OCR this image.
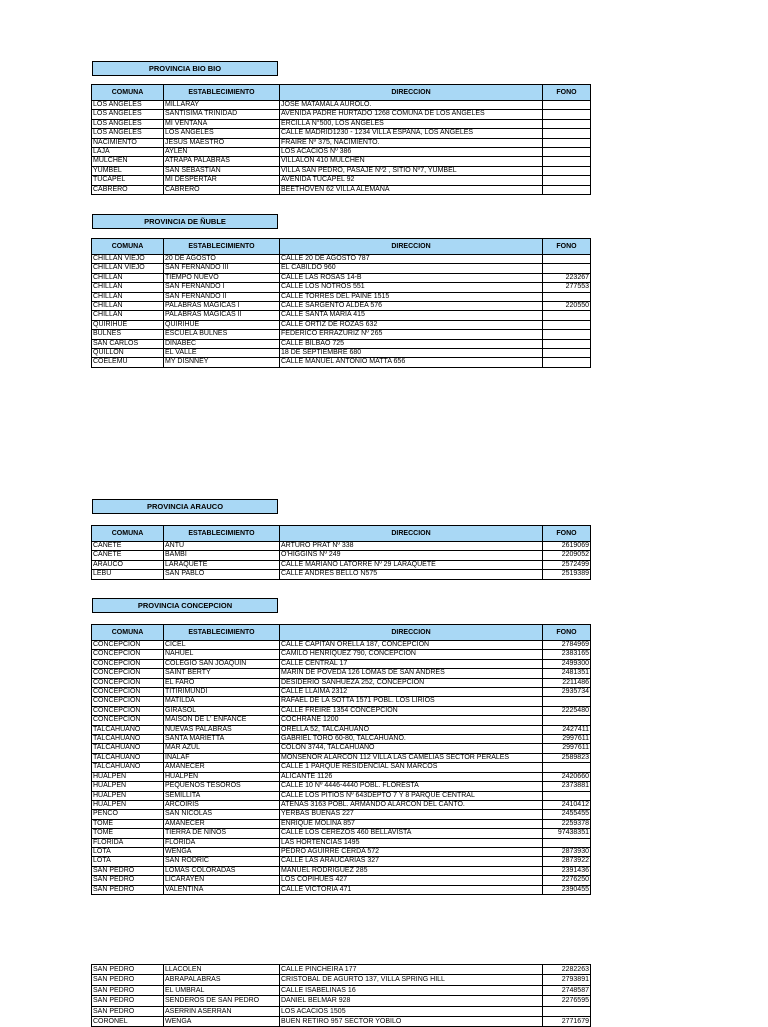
PROVINCIA BIO BIO
COMUNA	ESTABLECIMIENTO	DIRECCION	FONO
LOS ANGELES	MILLARAY	JOSE MATAMALA AUROLO.	
LOS ANGELES	SANTISIMA TRINIDAD	AVENIDA PADRE HURTADO 1268 COMUNA DE LOS ANGELES	
LOS ANGELES	MI VENTANA	ERCILLA N°500, LOS ANGELES	
LOS ANGELES	LOS ANGELES	CALLE MADRID1230 - 1234 VILLA ESPAÑA, LOS ANGELES	
NACIMIENTO	JESUS MAESTRO	FRAIRE Nº 375, NACIMIENTO.	
LAJA	AYLEN	LOS ACACIOS Nº 386	
MULCHEN	ATRAPA PALABRAS	VILLALON 410 MULCHEN	
YUMBEL	SAN SEBASTIAN	VILLA SAN PEDRO, PASAJE Nº2 , SITIO Nº7, YUMBEL	
TUCAPEL	MI DESPERTAR	AVENIDA TUCAPEL 92	
CABRERO	CABRERO	BEETHOVEN 62 VILLA ALEMANA	
PROVINCIA DE ÑUBLE
COMUNA	ESTABLECIMIENTO	DIRECCION	FONO
CHILLAN VIEJO	20 DE AGOSTO	CALLE 20 DE AGOSTO 787	
CHILLAN VIEJO	SAN FERNANDO III	EL CABILDO 960	
CHILLAN	TIEMPO NUEVO	CALLE LAS ROSAS 14-B	223267
CHILLAN	SAN FERNANDO I	CALLE LOS NOTROS 551	277553
CHILLAN	SAN FERNANDO II	CALLE TORRES DEL PAINE 1515	
CHILLAN	PALABRAS MAGICAS I	CALLE SARGENTO ALDEA 576	220550
CHILLAN	PALABRAS MAGICAS II	CALLE SANTA MARIA 415	
QUIRIHUE	QUIRIHUE	CALLE ORTIZ DE ROZAS 632	
BULNES	ESCUELA BULNES	FEDERICO ERRAZURIZ Nº 265	
SAN CARLOS	DINABEC	CALLE BILBAO 725	
QUILLON	EL VALLE	18 DE SEPTIEMBRE 680	
COELEMU	MY DISNNEY	CALLE MANUEL ANTONIO MATTA 656	
PROVINCIA ARAUCO
COMUNA	ESTABLECIMIENTO	DIRECCION	FONO
CAÑETE	ANTU	ARTURO PRAT Nº 338	2619069
CAÑETE	BAMBI	O'HIGGINS Nº 249	2209052
ARAUCO	LARAQUETE	CALLE MARIANO LATORRE Nº 29 LARAQUETE	2572499
LEBU	SAN PABLO	CALLE ANDRES BELLO N575	2519389
PROVINCIA CONCEPCION
COMUNA	ESTABLECIMIENTO	DIRECCION	FONO
CONCEPCION	CICEL	CALLE CAPITAN ORELLA 187, CONCEPCION	2784969
CONCEPCION	NAHUEL	CAMILO HENRIQUEZ 790, CONCEPCION	2383165
CONCEPCION	COLEGIO SAN JOAQUIN	CALLE CENTRAL 17	2499300
CONCEPCION	SAINT BERTY	MARIN DE POVEDA 126 LOMAS DE SAN ANDRES	2481351
CONCEPCION	EL FARO	DESIDERIO SANHUEZA 252, CONCEPCION	2211486
CONCEPCION	TITIRIMUNDI	CALLE LLAIMA 2312	2935734
CONCEPCION	MATILDA	RAFAEL DE LA SOTTA 1571 POBL. LOS LIRIOS	
CONCEPCION	GIRASOL	CALLE FREIRE 1354 CONCEPCION	2225480
CONCEPCION	MAISON DE L' ENFANCE	COCHRANE 1200	
TALCAHUANO	NUEVAS PALABRAS	ORELLA 52, TALCAHUANO	2427411
TALCAHUANO	SANTA MARIETTA	GABRIEL TORO 60-80, TALCAHUANO.	2997611
TALCAHUANO	MAR AZUL	COLON 3744, TALCAHUANO	2997611
TALCAHUANO	INALAF	MONSEÑOR ALARCON 112 VILLA LAS CAMELIAS SECTOR PERALES	2589823
TALCAHUANO	AMANECER	CALLE 1 PARQUE RESIDENCIAL SAN MARCOS	
HUALPEN	HUALPEN	ALICANTE 1126	2420660
HUALPEN	PEQUEÑOS TESOROS	CALLE 10 Nº 4446-4440 POBL. FLORESTA	2373881
HUALPEN	SEMILLITA	CALLE LOS PITIOS Nº 643DEPTO 7 Y 8 PARQUE CENTRAL	
HUALPEN	ARCOIRIS	ATENAS 3163 POBL. ARMANDO ALARCON DEL CANTO.	2410412
PENCO	SAN NICOLAS	YERBAS BUENAS 227	2455455
TOME	AMANECER	ENRIQUE MOLINA 857	2259378
TOME	TIERRA DE NIÑOS	CALLE LOS CEREZOS 460 BELLAVISTA	97438351
FLORIDA	FLORIDA	LAS HORTENCIAS 1495	
LOTA	WENGA	PEDRO AGUIRRE CERDA 572	2873930
LOTA	SAN RODRIC	CALLE LAS ARAUCARIAS 327	2873922
SAN PEDRO	LOMAS COLORADAS	MANUEL RODRIGUEZ 285	2391436
SAN PEDRO	LICARAYEN	LOS COPIHUES 427	2276250
SAN PEDRO	VALENTINA	CALLE VICTORIA 471	2390455
SAN PEDRO	LLACOLEN	CALLE PINCHEIRA 177	2282263
SAN PEDRO	ABRAPALABRAS	CRISTOBAL DE AGURTO 137, VILLA SPRING HILL	2793891
SAN PEDRO	EL UMBRAL	CALLE ISABELINAS 16	2748587
SAN PEDRO	SENDEROS DE SAN PEDRO	DANIEL BELMAR 928	2276595
SAN PEDRO	ASERRIN ASERRAN	LOS ACACIOS 1505	
CORONEL	WENGA	BUEN RETIRO 957 SECTOR YOBILO	2771679
